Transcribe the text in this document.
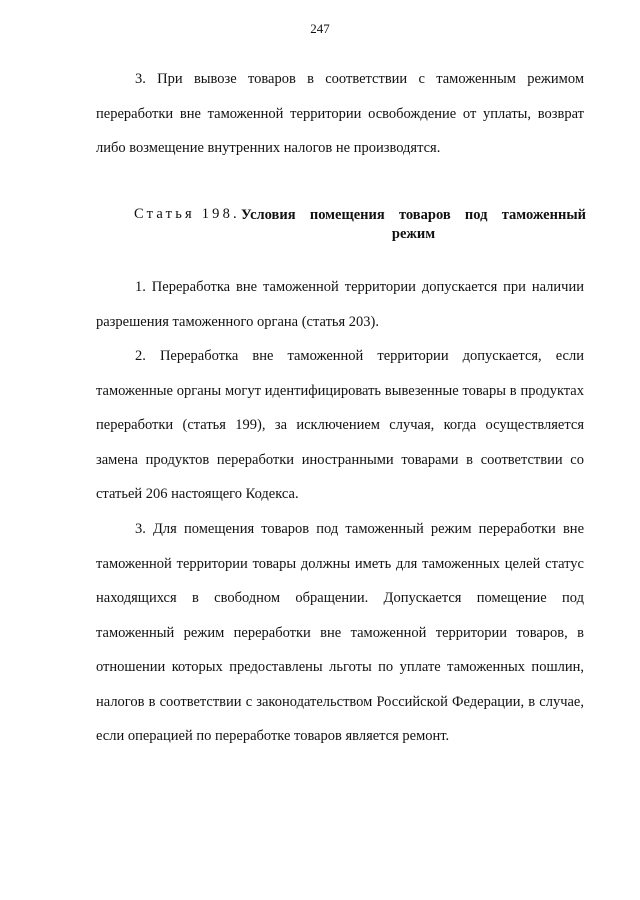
247

3. При вывозе товаров в соответствии с таможенным режимом переработки вне таможенной территории освобождение от уплаты, возврат либо возмещение внутренних налогов не производятся.

Статья 198. Условия помещения товаров под таможенный режим

1. Переработка вне таможенной территории допускается при наличии разрешения таможенного органа (статья 203).

2. Переработка вне таможенной территории допускается, если таможенные органы могут идентифицировать вывезенные товары в продуктах переработки (статья 199), за исключением случая, когда осуществляется замена продуктов переработки иностранными товарами в соответствии со статьей 206 настоящего Кодекса.

3. Для помещения товаров под таможенный режим переработки вне таможенной территории товары должны иметь для таможенных целей статус находящихся в свободном обращении. Допускается помещение под таможенный режим переработки вне таможенной территории товаров, в отношении которых предоставлены льготы по уплате таможенных пошлин, налогов в соответствии с законодательством Российской Федерации, в случае, если операцией по переработке товаров является ремонт.
